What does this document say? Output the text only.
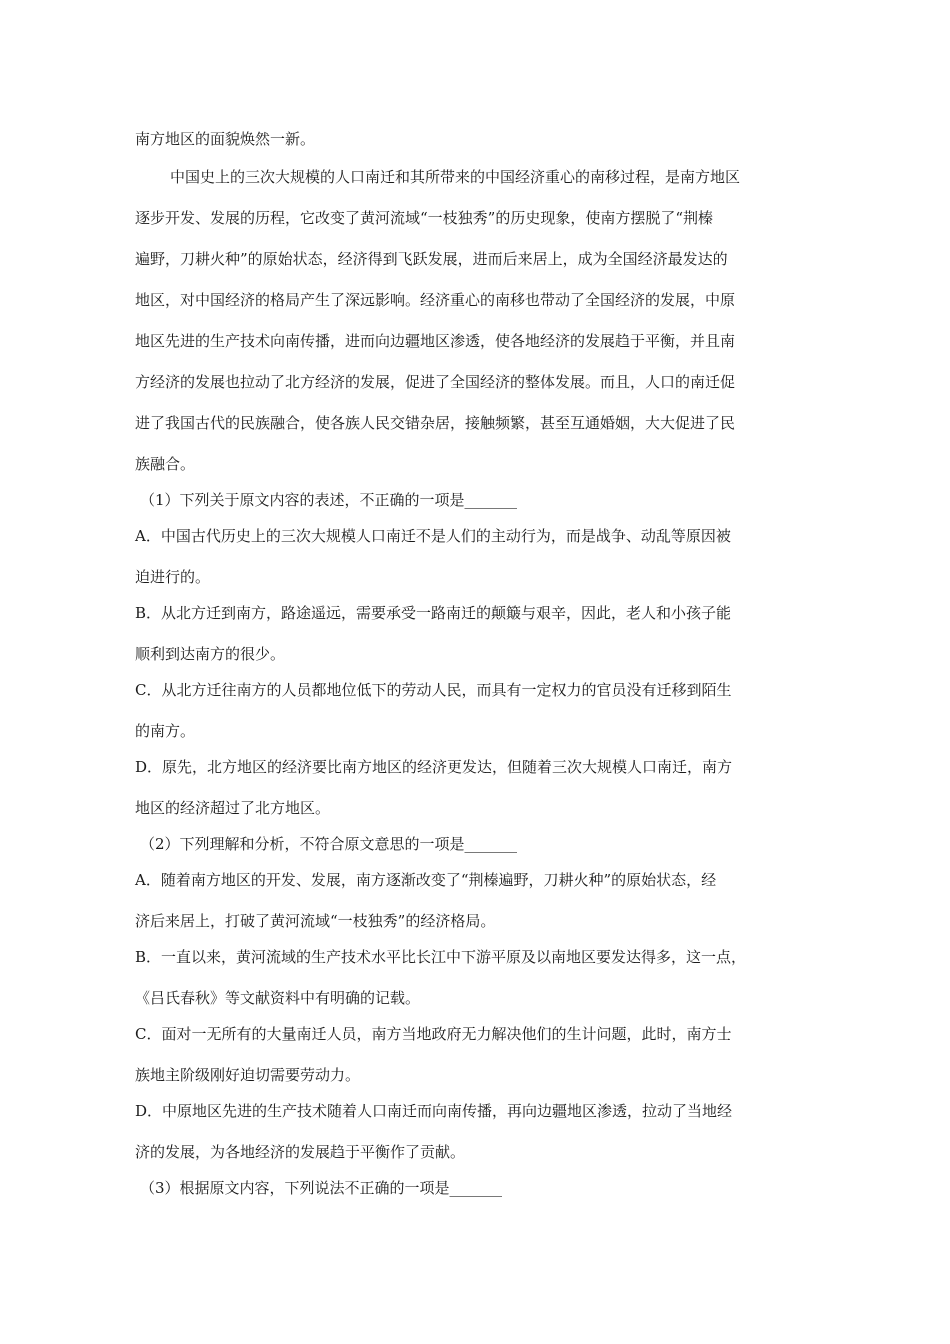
南方地区的面貌焕然一新。
中国史上的三次大规模的人口南迁和其所带来的中国经济重心的南移过程，是南方地区
逐步开发、发展的历程，它改变了黄河流域“一枝独秀”的历史现象，使南方摆脱了“荆榛
遍野，刀耕火种”的原始状态，经济得到飞跃发展，进而后来居上，成为全国经济最发达的
地区，对中国经济的格局产生了深远影响。经济重心的南移也带动了全国经济的发展，中原
地区先进的生产技术向南传播，进而向边疆地区渗透，使各地经济的发展趋于平衡，并且南
方经济的发展也拉动了北方经济的发展，促进了全国经济的整体发展。而且，人口的南迁促
进了我国古代的民族融合，使各族人民交错杂居，接触频繁，甚至互通婚姻，大大促进了民
族融合。
（1）下列关于原文内容的表述，不正确的一项是_______
A．中国古代历史上的三次大规模人口南迁不是人们的主动行为，而是战争、动乱等原因被
迫进行的。
B．从北方迁到南方，路途遥远，需要承受一路南迁的颠簸与艰辛，因此，老人和小孩子能
顺利到达南方的很少。
C．从北方迁往南方的人员都地位低下的劳动人民，而具有一定权力的官员没有迁移到陌生
的南方。
D．原先，北方地区的经济要比南方地区的经济更发达，但随着三次大规模人口南迁，南方
地区的经济超过了北方地区。
（2）下列理解和分析，不符合原文意思的一项是_______
A．随着南方地区的开发、发展，南方逐渐改变了“荆榛遍野，刀耕火种”的原始状态，经
济后来居上，打破了黄河流域“一枝独秀”的经济格局。
B．一直以来，黄河流域的生产技术水平比长江中下游平原及以南地区要发达得多，这一点，
《吕氏春秋》等文献资料中有明确的记载。
C．面对一无所有的大量南迁人员，南方当地政府无力解决他们的生计问题，此时，南方士
族地主阶级刚好迫切需要劳动力。
D．中原地区先进的生产技术随着人口南迁而向南传播，再向边疆地区渗透，拉动了当地经
济的发展，为各地经济的发展趋于平衡作了贡献。
（3）根据原文内容，下列说法不正确的一项是_______
